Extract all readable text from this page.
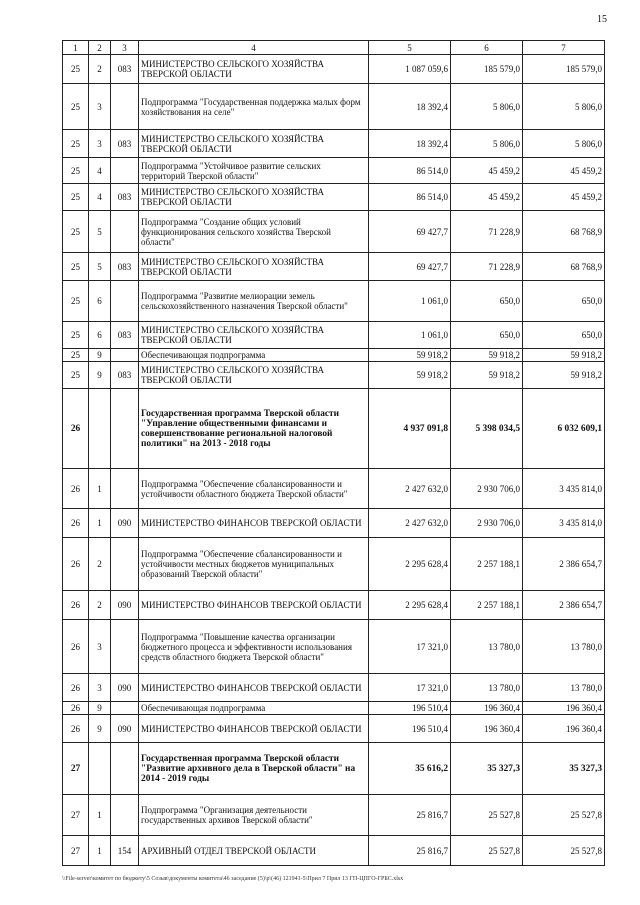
15
1	2	3	4	5	6	7
25	2	083	МИНИСТЕРСТВО СЕЛЬСКОГО ХОЗЯЙСТВА ТВЕРСКОЙ ОБЛАСТИ	1 087 059,6	185 579,0	185 579,0
25	3		Подпрограмма "Государственная поддержка малых форм хозяйствования на селе"	18 392,4	5 806,0	5 806,0
25	3	083	МИНИСТЕРСТВО СЕЛЬСКОГО ХОЗЯЙСТВА ТВЕРСКОЙ ОБЛАСТИ	18 392,4	5 806,0	5 806,0
25	4		Подпрограмма "Устойчивое развитие сельских территорий Тверской области"	86 514,0	45 459,2	45 459,2
25	4	083	МИНИСТЕРСТВО СЕЛЬСКОГО ХОЗЯЙСТВА ТВЕРСКОЙ ОБЛАСТИ	86 514,0	45 459,2	45 459,2
25	5		Подпрограмма "Создание общих условий функционирования сельского хозяйства Тверской области"	69 427,7	71 228,9	68 768,9
25	5	083	МИНИСТЕРСТВО СЕЛЬСКОГО ХОЗЯЙСТВА ТВЕРСКОЙ ОБЛАСТИ	69 427,7	71 228,9	68 768,9
25	6		Подпрограмма "Развитие мелиорации земель сельскохозяйственного назначения Тверской области"	1 061,0	650,0	650,0
25	6	083	МИНИСТЕРСТВО СЕЛЬСКОГО ХОЗЯЙСТВА ТВЕРСКОЙ ОБЛАСТИ	1 061,0	650,0	650,0
25	9		Обеспечивающая подпрограмма	59 918,2	59 918,2	59 918,2
25	9	083	МИНИСТЕРСТВО СЕЛЬСКОГО ХОЗЯЙСТВА ТВЕРСКОЙ ОБЛАСТИ	59 918,2	59 918,2	59 918,2
26			Государственная программа Тверской области "Управление общественными финансами и совершенствование региональной налоговой политики" на 2013 - 2018 годы	4 937 091,8	5 398 034,5	6 032 609,1
26	1		Подпрограмма "Обеспечение сбалансированности и устойчивости областного бюджета Тверской области"	2 427 632,0	2 930 706,0	3 435 814,0
26	1	090	МИНИСТЕРСТВО ФИНАНСОВ ТВЕРСКОЙ ОБЛАСТИ	2 427 632,0	2 930 706,0	3 435 814,0
26	2		Подпрограмма "Обеспечение сбалансированности и устойчивости местных бюджетов муниципальных образований Тверской области"	2 295 628,4	2 257 188,1	2 386 654,7
26	2	090	МИНИСТЕРСТВО ФИНАНСОВ ТВЕРСКОЙ ОБЛАСТИ	2 295 628,4	2 257 188,1	2 386 654,7
26	3		Подпрограмма "Повышение качества организации бюджетного процесса и эффективности использования средств областного бюджета Тверской области"	17 321,0	13 780,0	13 780,0
26	3	090	МИНИСТЕРСТВО ФИНАНСОВ ТВЕРСКОЙ ОБЛАСТИ	17 321,0	13 780,0	13 780,0
26	9		Обеспечивающая подпрограмма	196 510,4	196 360,4	196 360,4
26	9	090	МИНИСТЕРСТВО ФИНАНСОВ ТВЕРСКОЙ ОБЛАСТИ	196 510,4	196 360,4	196 360,4
27			Государственная программа Тверской области "Развитие архивного дела в Тверской области" на 2014 - 2019 годы	35 616,2	35 327,3	35 327,3
27	1		Подпрограмма "Организация деятельности государственных архивов Тверской области"	25 816,7	25 527,8	25 527,8
27	1	154	АРХИВНЫЙ ОТДЕЛ ТВЕРСКОЙ ОБЛАСТИ	25 816,7	25 527,8	25 527,8
\\File-server\комитет по бюджету\5 Созыв\документы комитета\46 заседание (5)\р\(46) 121941-5\Прил 7 Прил 13 ГП-ЦПГО-ГРБС.xlsx
